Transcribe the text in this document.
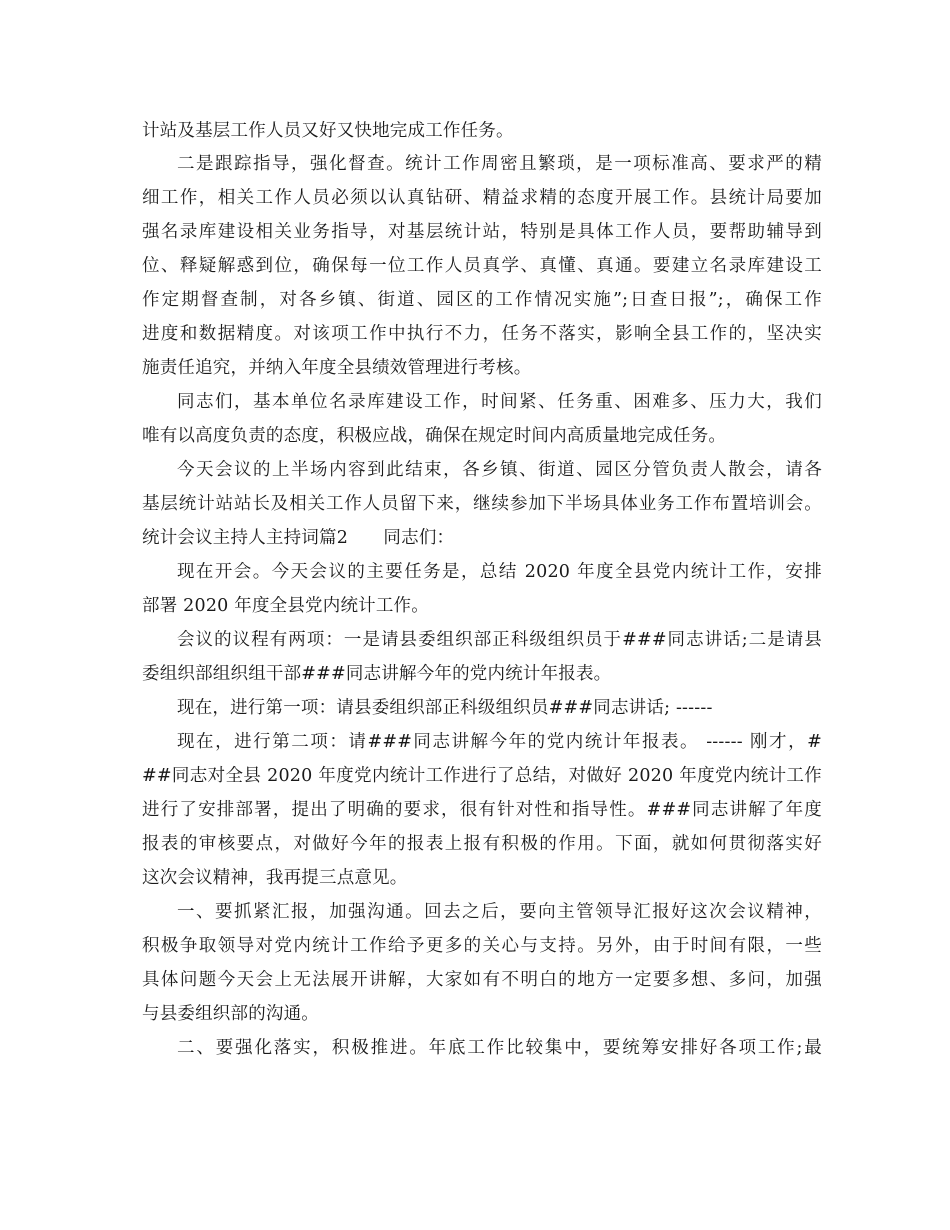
计站及基层工作人员又好又快地完成工作任务。
二是跟踪指导，强化督查。统计工作周密且繁琐，是一项标准高、要求严的精
细工作，相关工作人员必须以认真钻研、精益求精的态度开展工作。县统计局要加
强名录库建设相关业务指导，对基层统计站，特别是具体工作人员，要帮助辅导到
位、释疑解惑到位，确保每一位工作人员真学、真懂、真通。要建立名录库建设工
作定期督查制，对各乡镇、街道、园区的工作情况实施”;日查日报”;，确保工作
进度和数据精度。对该项工作中执行不力，任务不落实，影响全县工作的，坚决实
施责任追究，并纳入年度全县绩效管理进行考核。
同志们，基本单位名录库建设工作，时间紧、任务重、困难多、压力大，我们
唯有以高度负责的态度，积极应战，确保在规定时间内高质量地完成任务。
今天会议的上半场内容到此结束，各乡镇、街道、园区分管负责人散会，请各
基层统计站站长及相关工作人员留下来，继续参加下半场具体业务工作布置培训会。
统计会议主持人主持词篇2　　同志们：
现在开会。今天会议的主要任务是，总结 2020 年度全县党内统计工作，安排
部署 2020 年度全县党内统计工作。
会议的议程有两项：一是请县委组织部正科级组织员于###同志讲话;二是请县
委组织部组织组干部###同志讲解今年的党内统计年报表。
现在，进行第一项：请县委组织部正科级组织员###同志讲话; ------
现在，进行第二项：请###同志讲解今年的党内统计年报表。 ------ 刚才，#
##同志对全县 2020 年度党内统计工作进行了总结，对做好 2020 年度党内统计工作
进行了安排部署，提出了明确的要求，很有针对性和指导性。###同志讲解了年度
报表的审核要点，对做好今年的报表上报有积极的作用。下面，就如何贯彻落实好
这次会议精神，我再提三点意见。
一、要抓紧汇报，加强沟通。回去之后，要向主管领导汇报好这次会议精神，
积极争取领导对党内统计工作给予更多的关心与支持。另外，由于时间有限，一些
具体问题今天会上无法展开讲解，大家如有不明白的地方一定要多想、多问，加强
与县委组织部的沟通。
二、要强化落实，积极推进。年底工作比较集中，要统筹安排好各项工作;最
